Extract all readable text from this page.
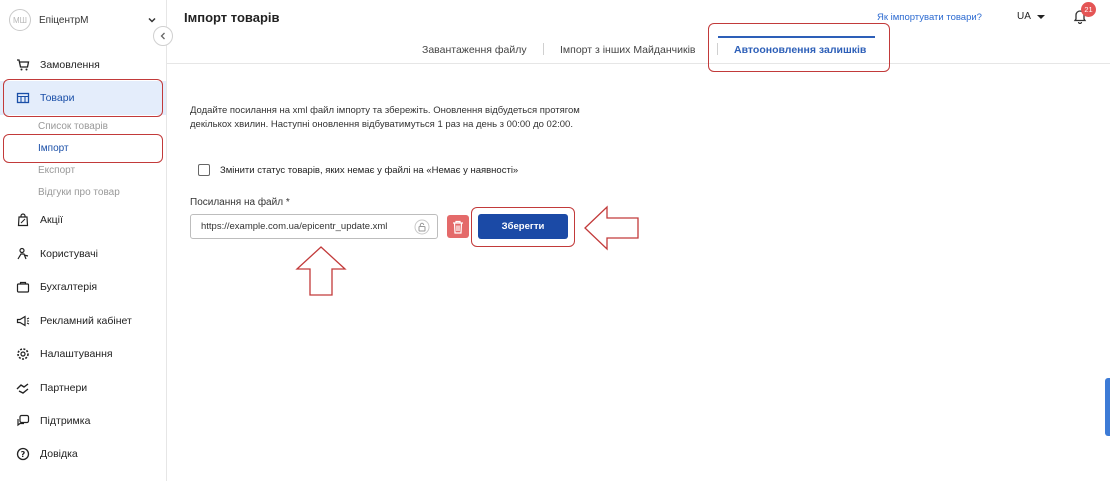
МШ	ЕпіцентрМ
Замовлення
Товари
Список товарів
Імпорт
Експорт
Відгуки про товар
Акції
Користувачі
Бухгалтерія
Рекламний кабінет
Налаштування
Партнери
Підтримка
? Довідка
Імпорт товарів	Як імпортувати товари?	UA
21
Завантаження файлу	Імпорт з інших Майданчиків	Автооновлення залишків
Додайте посилання на xml файл імпорту та збережіть. Оновлення відбудеться протягом декількох хвилин. Наступні оновлення відбуватимуться 1 раз на день з 00:00 до 02:00.
Змінити статус товарів, яких немає у файлі на «Немає у наявності»
Посилання на файл *
https://example.com.ua/epicentr_update.xml	Зберегти
